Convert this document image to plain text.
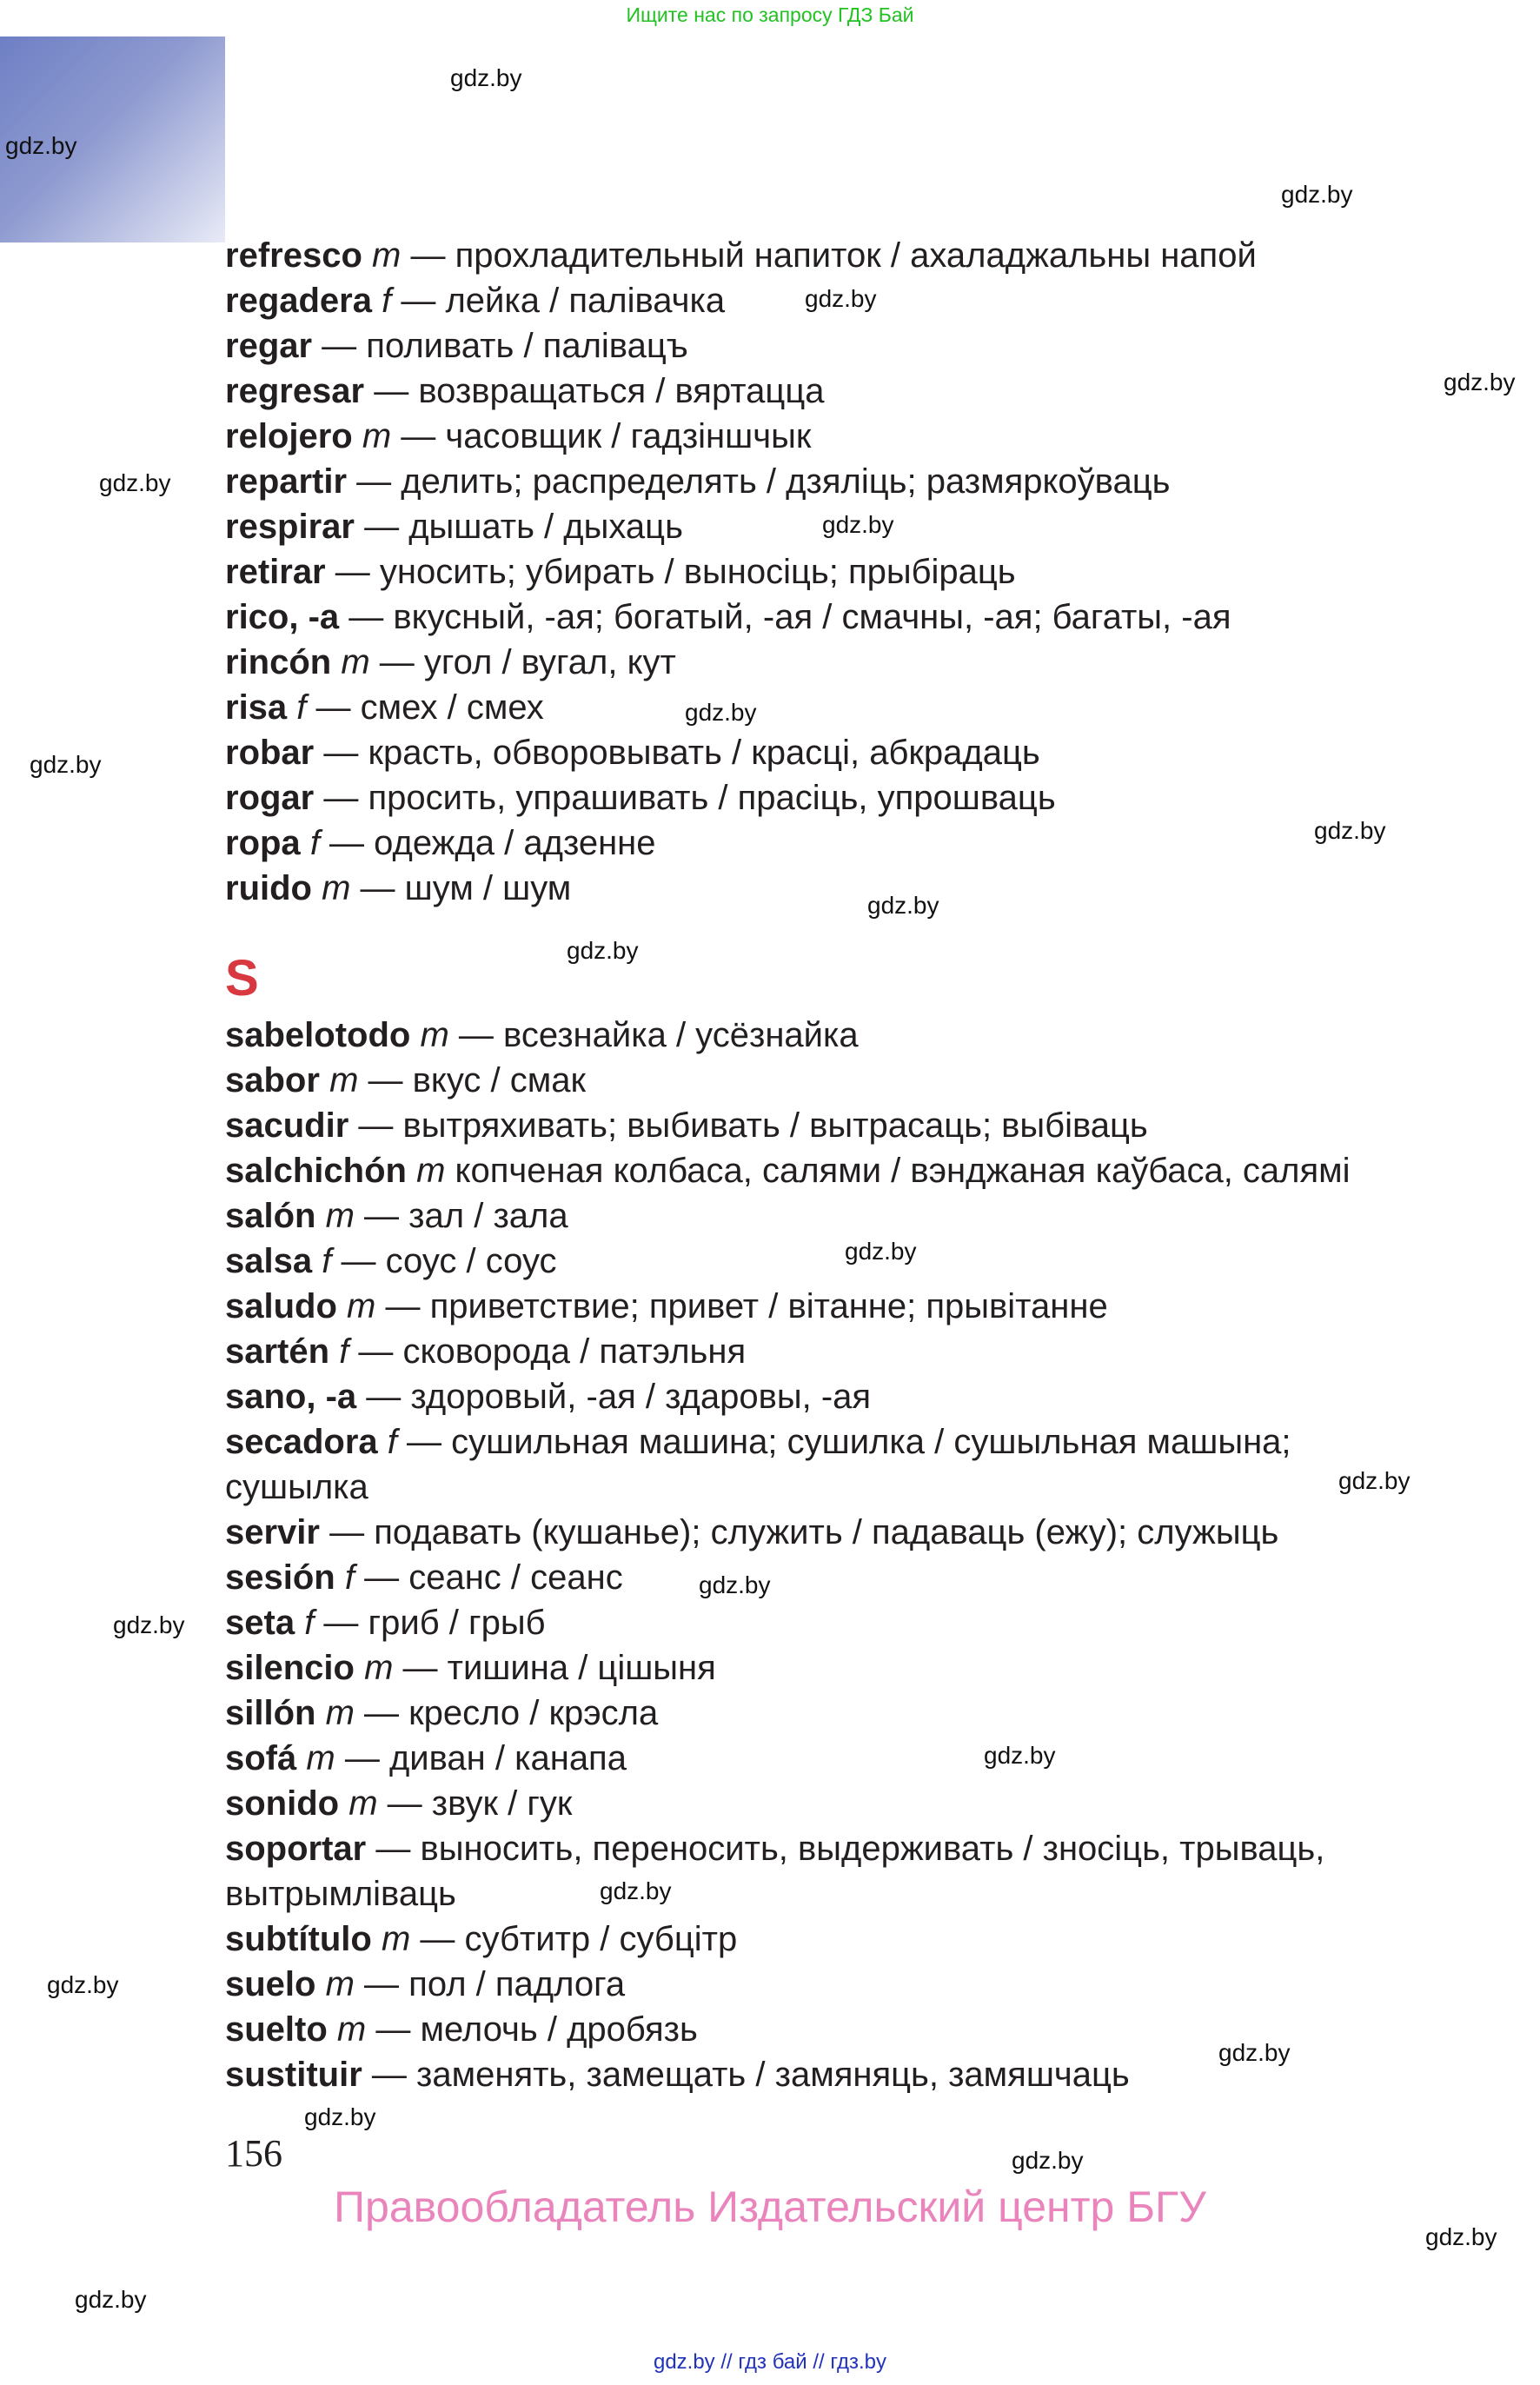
Ищите нас по запросу ГДЗ Бай
gdz.by
gdz.by
gdz.by
gdz.by
gdz.by
gdz.by
gdz.by
gdz.by
gdz.by
gdz.by
gdz.by
gdz.by
gdz.by
gdz.by
gdz.by
gdz.by
gdz.by
gdz.by
gdz.by
gdz.by
gdz.by
gdz.by
gdz.by
gdz.by
refresco m — прохладительный напиток / ахаладжальны напой
regadera f — лейка / палівачка
regar — поливать / палівацъ
regresar — возвращаться / вяртацца
relojero m — часовщик / гадзіншчык
repartir — делить; распределять / дзяліць; размяркоўваць
respirar — дышать / дыхаць
retirar — уносить; убирать / выносіць; прыбіраць
rico, -a — вкусный, -ая; богатый, -ая / смачны, -ая; багаты, -ая
rincón m — угол / вугал, кут
risa f — смех / смех
robar — красть, обворовывать / красці, абкрадаць
rogar — просить, упрашивать / прасіць, упрошваць
ropa f — одежда / адзенне
ruido m — шум / шум
S
sabelotodo m — всезнайка / усёзнайка
sabor m — вкус / смак
sacudir — вытряхивать; выбивать / вытрасаць; выбіваць
salchichón m копченая колбаса, салями / вэнджаная каўбаса, салямі
salón m — зал / зала
salsa f — соус / соус
saludo m — приветствие; привет / вітанне; прывітанне
sartén f — сковорода / патэльня
sano, -a — здоровый, -ая / здаровы, -ая
secadora f — сушильная машина; сушилка / сушыльная машына; сушылка
servir — подавать (кушанье); служить / падаваць (ежу); служыць
sesión f — сеанс / сеанс
seta f — гриб / грыб
silencio m — тишина / цішыня
sillón m — кресло / крэсла
sofá m — диван / канапа
sonido m — звук / гук
soportar — выносить, переносить, выдерживать / зносіць, трываць, вытрымліваць
subtítulo m — субтитр / субцітр
suelo m — пол / падлога
suelto m — мелочь / дробязь
sustituir — заменять, замещать / замяняць, замяшчаць
156
Правообладатель Издательский центр БГУ
gdz.by // гдз бай // гдз.by
